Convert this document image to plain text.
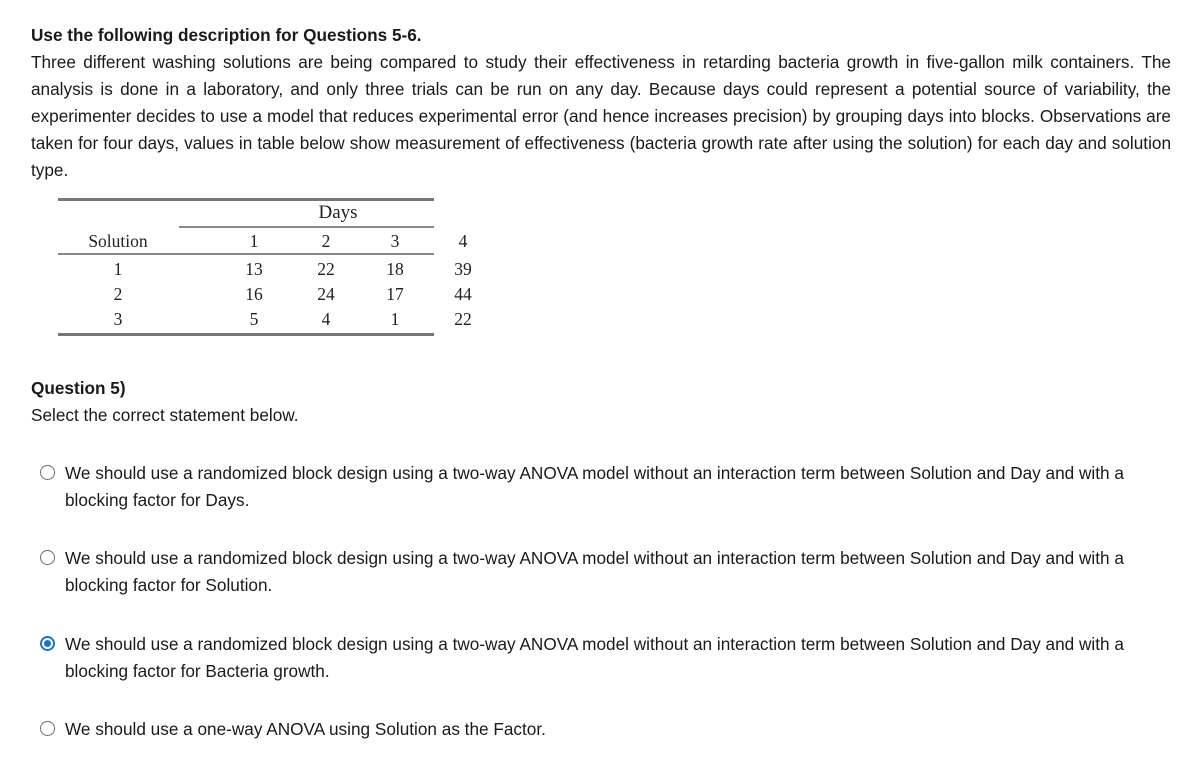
Use the following description for Questions 5-6.
Three different washing solutions are being compared to study their effectiveness in retarding bacteria growth in five-gallon milk containers. The analysis is done in a laboratory, and only three trials can be run on any day. Because days could represent a potential source of variability, the experimenter decides to use a model that reduces experimental error (and hence increases precision) by grouping days into blocks. Observations are taken for four days, values in table below show measurement of effectiveness (bacteria growth rate after using the solution) for each day and solution type.
Days
Solution	1	2	3	4
1	13	22	18	39
2	16	24	17	44
3	5	4	1	22
Question 5)
Select the correct statement below.
We should use a randomized block design using a two-way ANOVA model without an interaction term between Solution and Day and with a blocking factor for Days.
We should use a randomized block design using a two-way ANOVA model without an interaction term between Solution and Day and with a blocking factor for Solution.
We should use a randomized block design using a two-way ANOVA model without an interaction term between Solution and Day and with a blocking factor for Bacteria growth.
We should use a one-way ANOVA using Solution as the Factor.
